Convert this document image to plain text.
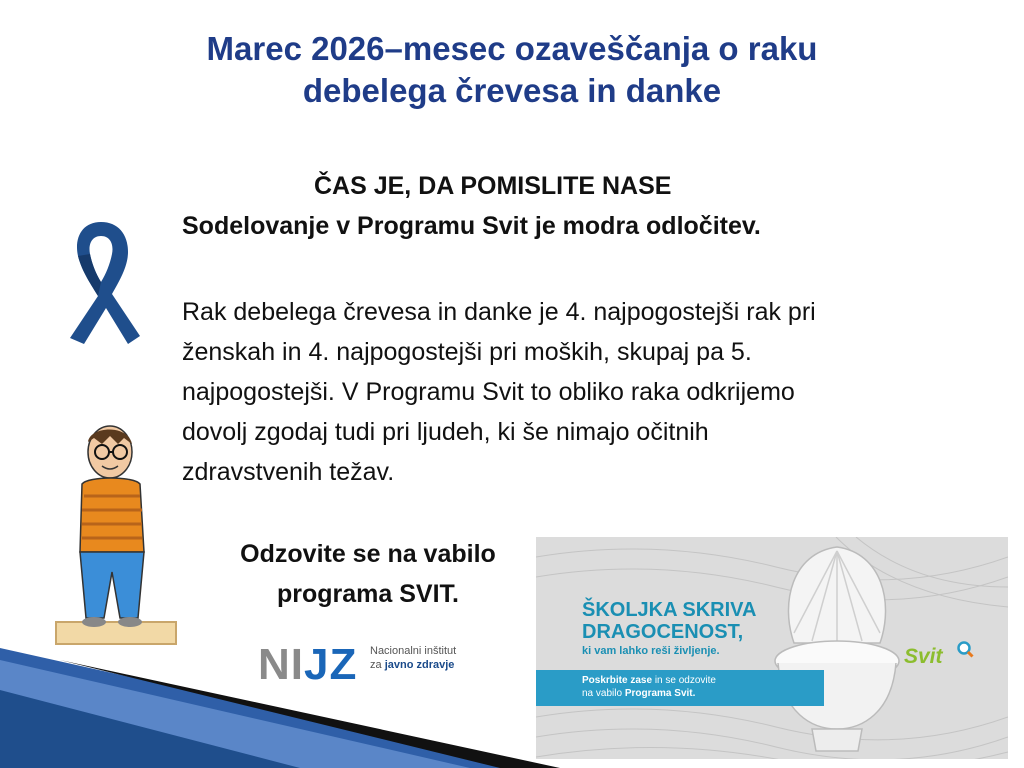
Marec 2026–mesec ozaveščanja o raku
debelega črevesa in danke
ČAS JE, DA POMISLITE NASE
Sodelovanje v Programu Svit je modra odločitev.
Rak debelega črevesa in danke je 4. najpogostejši rak pri
ženskah in 4. najpogostejši pri moških, skupaj pa 5.
najpogostejši. V Programu Svit to obliko raka odkrijemo
dovolj zgodaj tudi pri ljudeh, ki še nimajo očitnih
zdravstvenih težav.
Odzovite se na vabilo
programa SVIT.
NIJZ Nacionalni inštitut
za javno zdravje
ŠKOLJKA SKRIVA
DRAGOCENOST,
ki vam lahko reši življenje.
Poskrbite zase in se odzovite
na vabilo Programa Svit.
Svit
